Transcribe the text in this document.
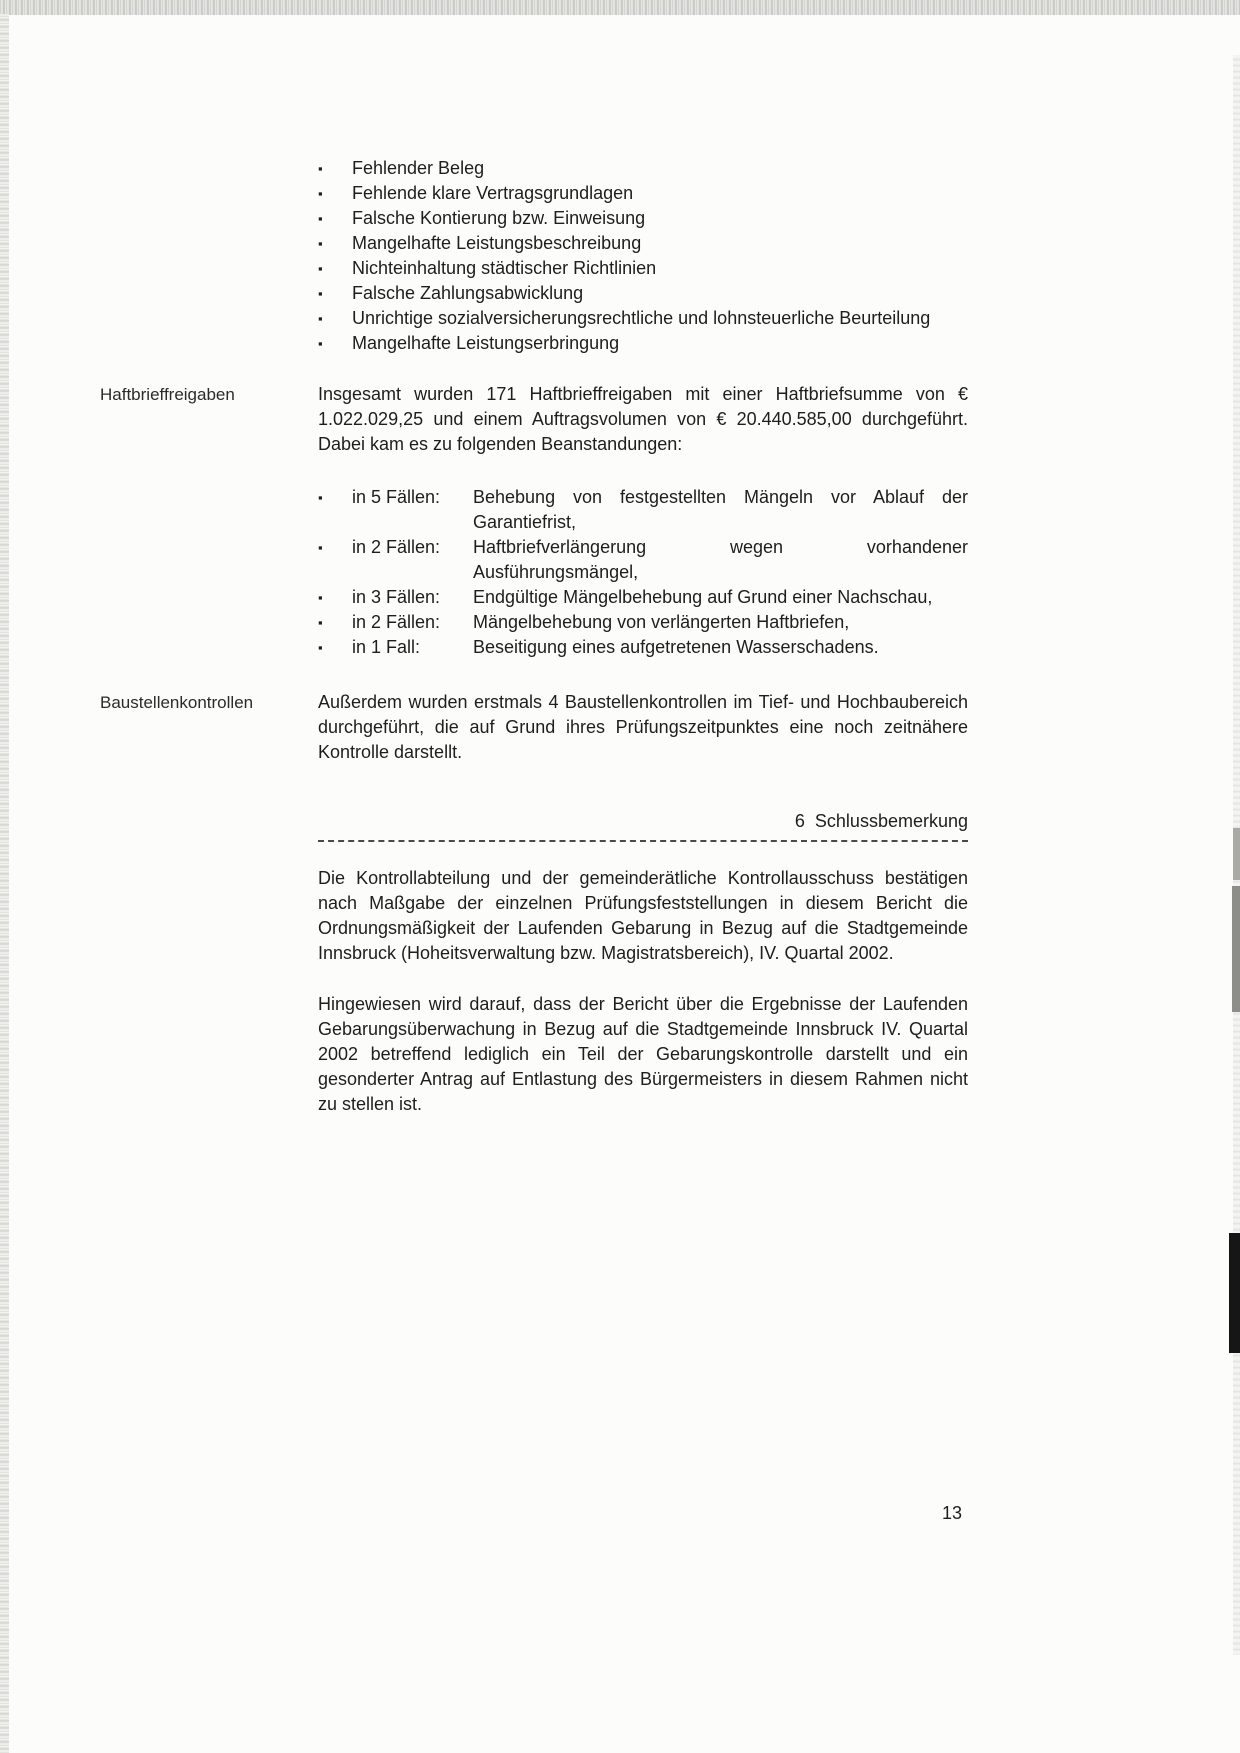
▪
Fehlender Beleg
▪
Fehlende klare Vertragsgrundlagen
▪
Falsche Kontierung bzw. Einweisung
▪
Mangelhafte Leistungsbeschreibung
▪
Nichteinhaltung städtischer Richtlinien
▪
Falsche Zahlungsabwicklung
▪
Unrichtige sozialversicherungsrechtliche und lohnsteuerliche Beurteilung
▪
Mangelhafte Leistungserbringung
Haftbrieffreigaben	Insgesamt wurden 171 Haftbrieffreigaben mit einer Haftbriefsumme von € 1.022.029,25 und einem Auftragsvolumen von € 20.440.585,00 durchgeführt. Dabei kam es zu folgenden Beanstandungen:
▪
in 5 Fällen:	Behebung von festgestellten Mängeln vor Ablauf der Garantiefrist,
▪
in 2 Fällen:	Haftbriefverlängerung wegen vorhandener Ausführungsmängel,
▪
in 3 Fällen:	Endgültige Mängelbehebung auf Grund einer Nachschau,
▪
in 2 Fällen:	Mängelbehebung von verlängerten Haftbriefen,
▪
in 1 Fall:	Beseitigung eines aufgetretenen Wasserschadens.
Baustellenkontrollen	Außerdem wurden erstmals 4 Baustellenkontrollen im Tief- und Hochbaubereich durchgeführt, die auf Grund ihres Prüfungszeitpunktes eine noch zeitnähere Kontrolle darstellt.
6  Schlussbemerkung
Die Kontrollabteilung und der gemeinderätliche Kontrollausschuss bestätigen nach Maßgabe der einzelnen Prüfungsfeststellungen in diesem Bericht die Ordnungsmäßigkeit der Laufenden Gebarung in Bezug auf die Stadtgemeinde Innsbruck (Hoheitsverwaltung bzw. Magistratsbereich), IV. Quartal 2002.
Hingewiesen wird darauf, dass der Bericht über die Ergebnisse der Laufenden Gebarungsüberwachung in Bezug auf die Stadtgemeinde Innsbruck IV. Quartal 2002 betreffend lediglich ein Teil der Gebarungskontrolle darstellt und ein gesonderter Antrag auf Entlastung des Bürgermeisters in diesem Rahmen nicht zu stellen ist.
13
